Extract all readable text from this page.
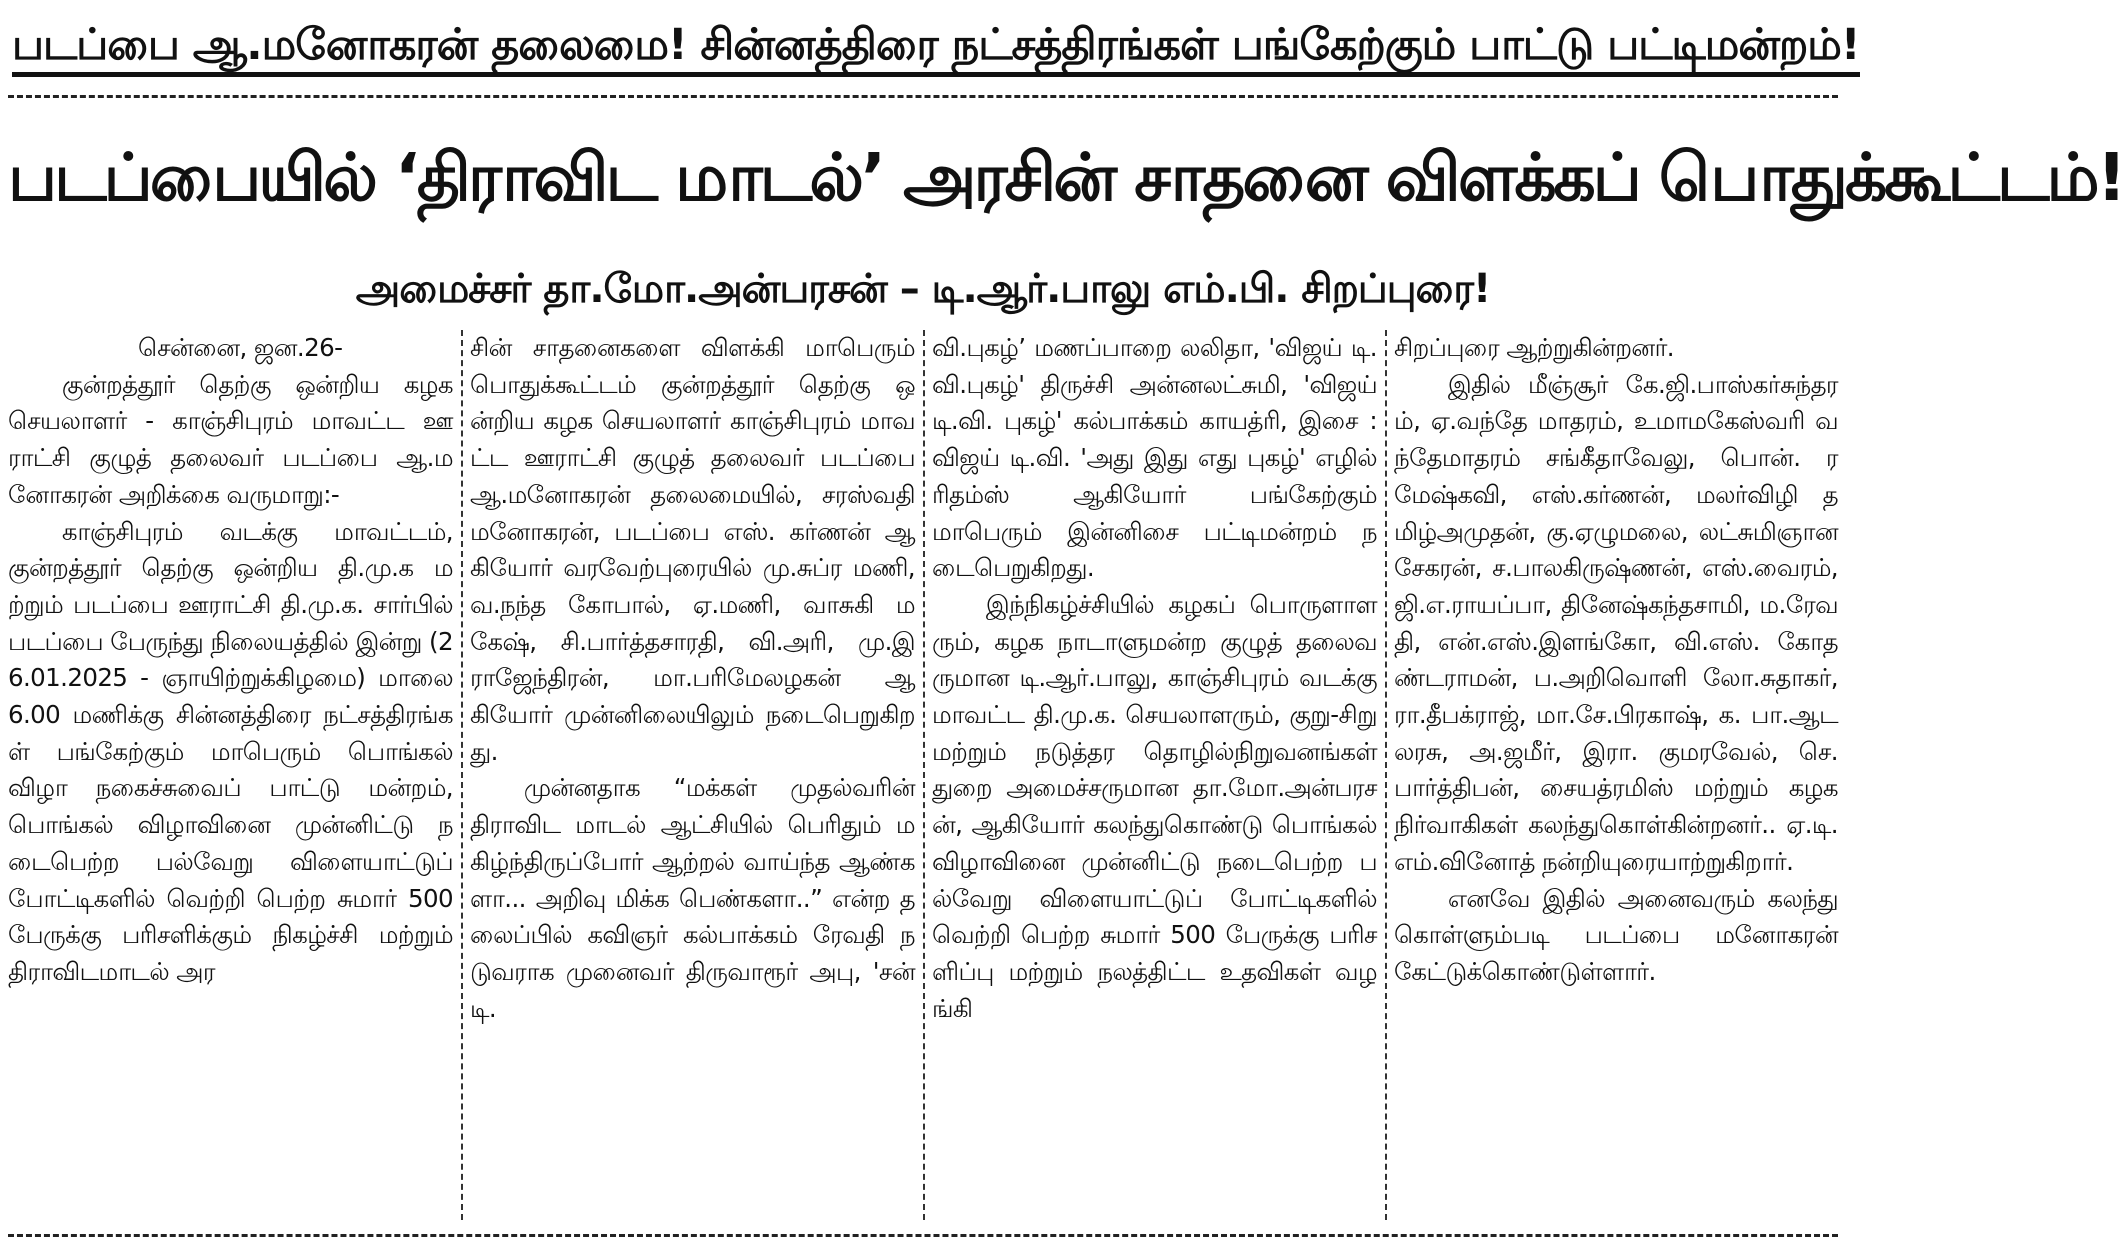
படப்பை ஆ.மனோகரன் தலைமை! சின்னத்திரை நட்சத்திரங்கள் பங்கேற்கும் பாட்டு பட்டிமன்றம்!
படப்பையில் ‘திராவிட மாடல்’ அரசின் சாதனை விளக்கப் பொதுக்கூட்டம்!
அமைச்சர் தா.மோ.அன்பரசன் – டி.ஆர்.பாலு எம்.பி. சிறப்புரை!

சென்னை, ஜன.26-

குன்றத்தூர் தெற்கு ஒன்றிய கழக செயலாளர் - காஞ்சிபுரம் மாவட்ட ஊராட்சி குழுத் தலைவர் படப்பை ஆ.மனோகரன் அறிக்கை வருமாறு:-

காஞ்சிபுரம் வடக்கு மாவட்டம், குன்றத்தூர் தெற்கு ஒன்றிய தி.மு.க மற்றும் படப்பை ஊராட்சி தி.மு.க. சார்பில் படப்பை பேருந்து நிலையத்தில் இன்று (26.01.2025 - ஞாயிற்றுக்கிழமை) மாலை 6.00 மணிக்கு சின்னத்திரை நட்சத்திரங்கள் பங்கேற்கும் மாபெரும் பொங்கல் விழா நகைச்சுவைப் பாட்டு மன்றம், பொங்கல் விழாவினை முன்னிட்டு நடைபெற்ற பல்வேறு விளையாட்டுப் போட்டிகளில் வெற்றி பெற்ற சுமார் 500 பேருக்கு பரிசளிக்கும் நிகழ்ச்சி மற்றும் திராவிடமாடல் அர

சின் சாதனைகளை விளக்கி மாபெரும் பொதுக்கூட்டம் குன்றத்தூர் தெற்கு ஒன்றிய கழக செயலாளர் காஞ்சிபுரம் மாவட்ட ஊராட்சி குழுத் தலைவர் படப்பை ஆ.மனோகரன் தலைமையில், சரஸ்வதி மனோகரன், படப்பை எஸ். கர்ணன் ஆகியோர் வரவேற்புரையில் மு.சுப்ர மணி, வ.நந்த கோபால், ஏ.மணி, வாசுகி மகேஷ், சி.பார்த்தசாரதி, வி.அரி, மு.இராஜேந்திரன், மா.பரிமேலழகன் ஆகியோர் முன்னிலையிலும் நடைபெறுகிறது.

முன்னதாக “மக்கள் முதல்வரின் திராவிட மாடல் ஆட்சியில் பெரிதும் மகிழ்ந்திருப்போர் ஆற்றல் வாய்ந்த ஆண்களா... அறிவு மிக்க பெண்களா..” என்ற தலைப்பில் கவிஞர் கல்பாக்கம் ரேவதி நடுவராக முனைவர் திருவாரூர் அபு, 'சன் டி.

வி.புகழ்’ மணப்பாறை லலிதா, 'விஜய் டி.வி.புகழ்' திருச்சி அன்னலட்சுமி, 'விஜய் டி.வி. புகழ்' கல்பாக்கம் காயத்ரி, இசை : விஜய் டி.வி. 'அது இது எது புகழ்' எழில் ரிதம்ஸ் ஆகியோர் பங்கேற்கும் மாபெரும் இன்னிசை பட்டிமன்றம் நடைபெறுகிறது.

இந்நிகழ்ச்சியில் கழகப் பொருளாளரும், கழக நாடாளுமன்ற குழுத் தலைவருமான டி.ஆர்.பாலு, காஞ்சிபுரம் வடக்கு மாவட்ட தி.மு.க. செயலாளரும், குறு-சிறு மற்றும் நடுத்தர தொழில்நிறுவனங்கள் துறை அமைச்சருமான தா.மோ.அன்பரசன், ஆகியோர் கலந்துகொண்டு பொங்கல் விழாவினை முன்னிட்டு நடைபெற்ற பல்வேறு விளையாட்டுப் போட்டிகளில் வெற்றி பெற்ற சுமார் 500 பேருக்கு பரிசளிப்பு மற்றும் நலத்திட்ட உதவிகள் வழங்கி

சிறப்புரை ஆற்றுகின்றனர்.

இதில் மீஞ்சூர் கே.ஜி.பாஸ்கர்சுந்தரம், ஏ.வந்தே மாதரம், உமாமகேஸ்வரி வந்தேமாதரம் சங்கீதாவேலு, பொன். ரமேஷ்கவி, எஸ்.கர்ணன், மலர்விழி தமிழ்அமுதன், கு.ஏழுமலை, லட்சுமிஞானசேகரன், ச.பாலகிருஷ்ணன், எஸ்.வைரம், ஜி.எ.ராயப்பா, தினேஷ்கந்தசாமி, ம.ரேவதி, என்.எஸ்.இளங்கோ, வி.எஸ். கோதண்டராமன், ப.அறிவொளி லோ.சுதாகர், ரா.தீபக்ராஜ், மா.சே.பிரகாஷ், க. பா.ஆடலரசு, அ.ஜமீர், இரா. குமரவேல், செ.பார்த்திபன், சையத்ரமிஸ் மற்றும் கழக நிர்வாகிகள் கலந்துகொள்கின்றனர்.. ஏ.டி.எம்.வினோத் நன்றியுரையாற்றுகிறார்.

எனவே இதில் அனைவரும் கலந்து கொள்ளும்படி படப்பை மனோகரன் கேட்டுக்கொண்டுள்ளார்.
